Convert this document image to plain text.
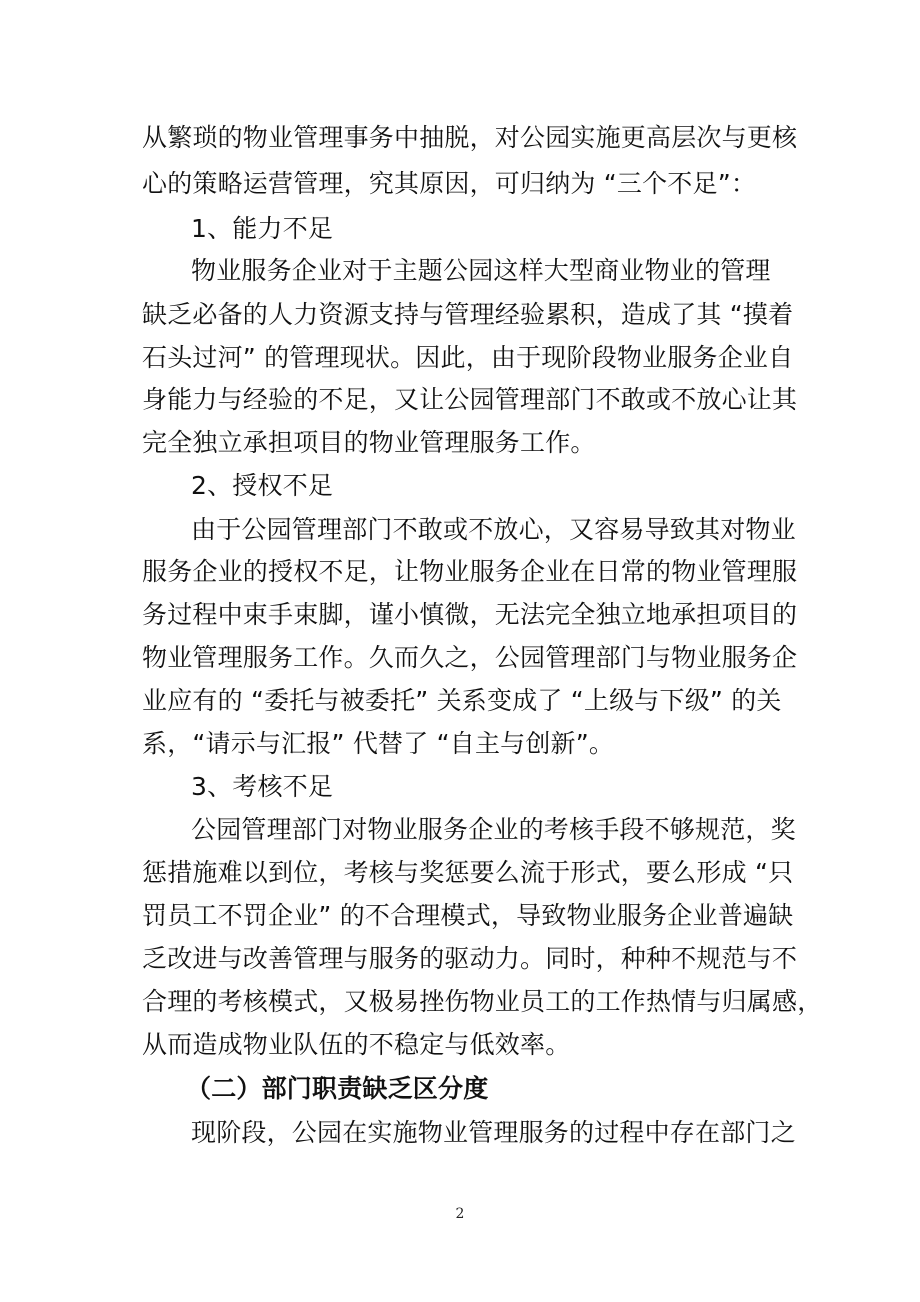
从繁琐的物业管理事务中抽脱，对公园实施更高层次与更核
心的策略运营管理，究其原因，可归纳为 “三个不足”：
1、能力不足
物业服务企业对于主题公园这样大型商业物业的管理
缺乏必备的人力资源支持与管理经验累积，造成了其 “摸着
石头过河” 的管理现状。因此，由于现阶段物业服务企业自
身能力与经验的不足，又让公园管理部门不敢或不放心让其
完全独立承担项目的物业管理服务工作。
2、授权不足
由于公园管理部门不敢或不放心，又容易导致其对物业
服务企业的授权不足，让物业服务企业在日常的物业管理服
务过程中束手束脚，谨小慎微，无法完全独立地承担项目的
物业管理服务工作。久而久之，公园管理部门与物业服务企
业应有的 “委托与被委托” 关系变成了 “上级与下级” 的关
系，“请示与汇报” 代替了 “自主与创新”。
3、考核不足
公园管理部门对物业服务企业的考核手段不够规范，奖
惩措施难以到位，考核与奖惩要么流于形式，要么形成 “只
罚员工不罚企业” 的不合理模式，导致物业服务企业普遍缺
乏改进与改善管理与服务的驱动力。同时，种种不规范与不
合理的考核模式，又极易挫伤物业员工的工作热情与归属感，
从而造成物业队伍的不稳定与低效率。
（二）部门职责缺乏区分度
现阶段，公园在实施物业管理服务的过程中存在部门之
2
